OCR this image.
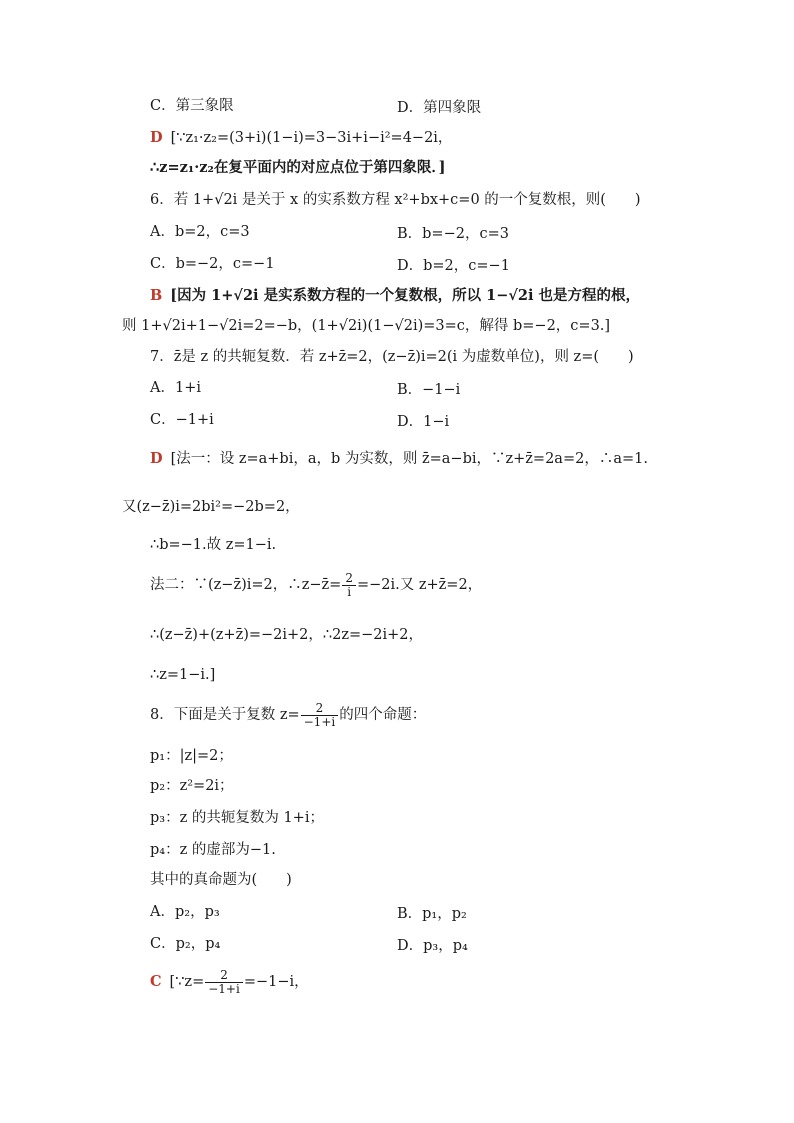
C．第三象限	D．第四象限
D [∵z₁·z₂=(3+i)(1−i)=3−3i+i−i²=4−2i，
∴z=z₁·z₂在复平面内的对应点位于第四象限．]
6．若 1+√2i 是关于 x 的实系数方程 x²+bx+c=0 的一个复数根，则(　　)
A．b=2，c=3	B．b=−2，c=3
C．b=−2，c=−1	D．b=2，c=−1
B [因为 1+√2i 是实系数方程的一个复数根，所以 1−√2i 也是方程的根，
则 1+√2i+1−√2i=2=−b，(1+√2i)(1−√2i)=3=c，解得 b=−2，c=3.]
7．z̄是 z 的共轭复数．若 z+z̄=2，(z−z̄)i=2(i 为虚数单位)，则 z=(　　)
A．1+i	B．−1−i
C．−1+i	D．1−i
D [法一：设 z=a+bi，a，b 为实数，则 z̄=a−bi，∵z+z̄=2a=2，∴a=1.
又(z−z̄)i=2bi²=−2b=2，
∴b=−1.故 z=1−i.
法二：∵(z−z̄)i=2，∴z−z̄= $\frac{2}{i} =-2i$.又 z+z̄=2，
∴(z−z̄)+(z+z̄)=−2i+2，∴2z=−2i+2，
∴z=1−i.]
8．下面是关于复数 $z= \frac{2}{-1+i}$ 的四个命题：
p₁：|z|=2；
p₂：z²=2i；
p₃：z 的共轭复数为 1+i；
p₄：z 的虚部为−1.
其中的真命题为(　　)
A．p₂，p₃	B．p₁，p₂
C．p₂，p₄	D．p₃，p₄
C [∵z= $\frac{2}{-1+i} =-1-i$，
